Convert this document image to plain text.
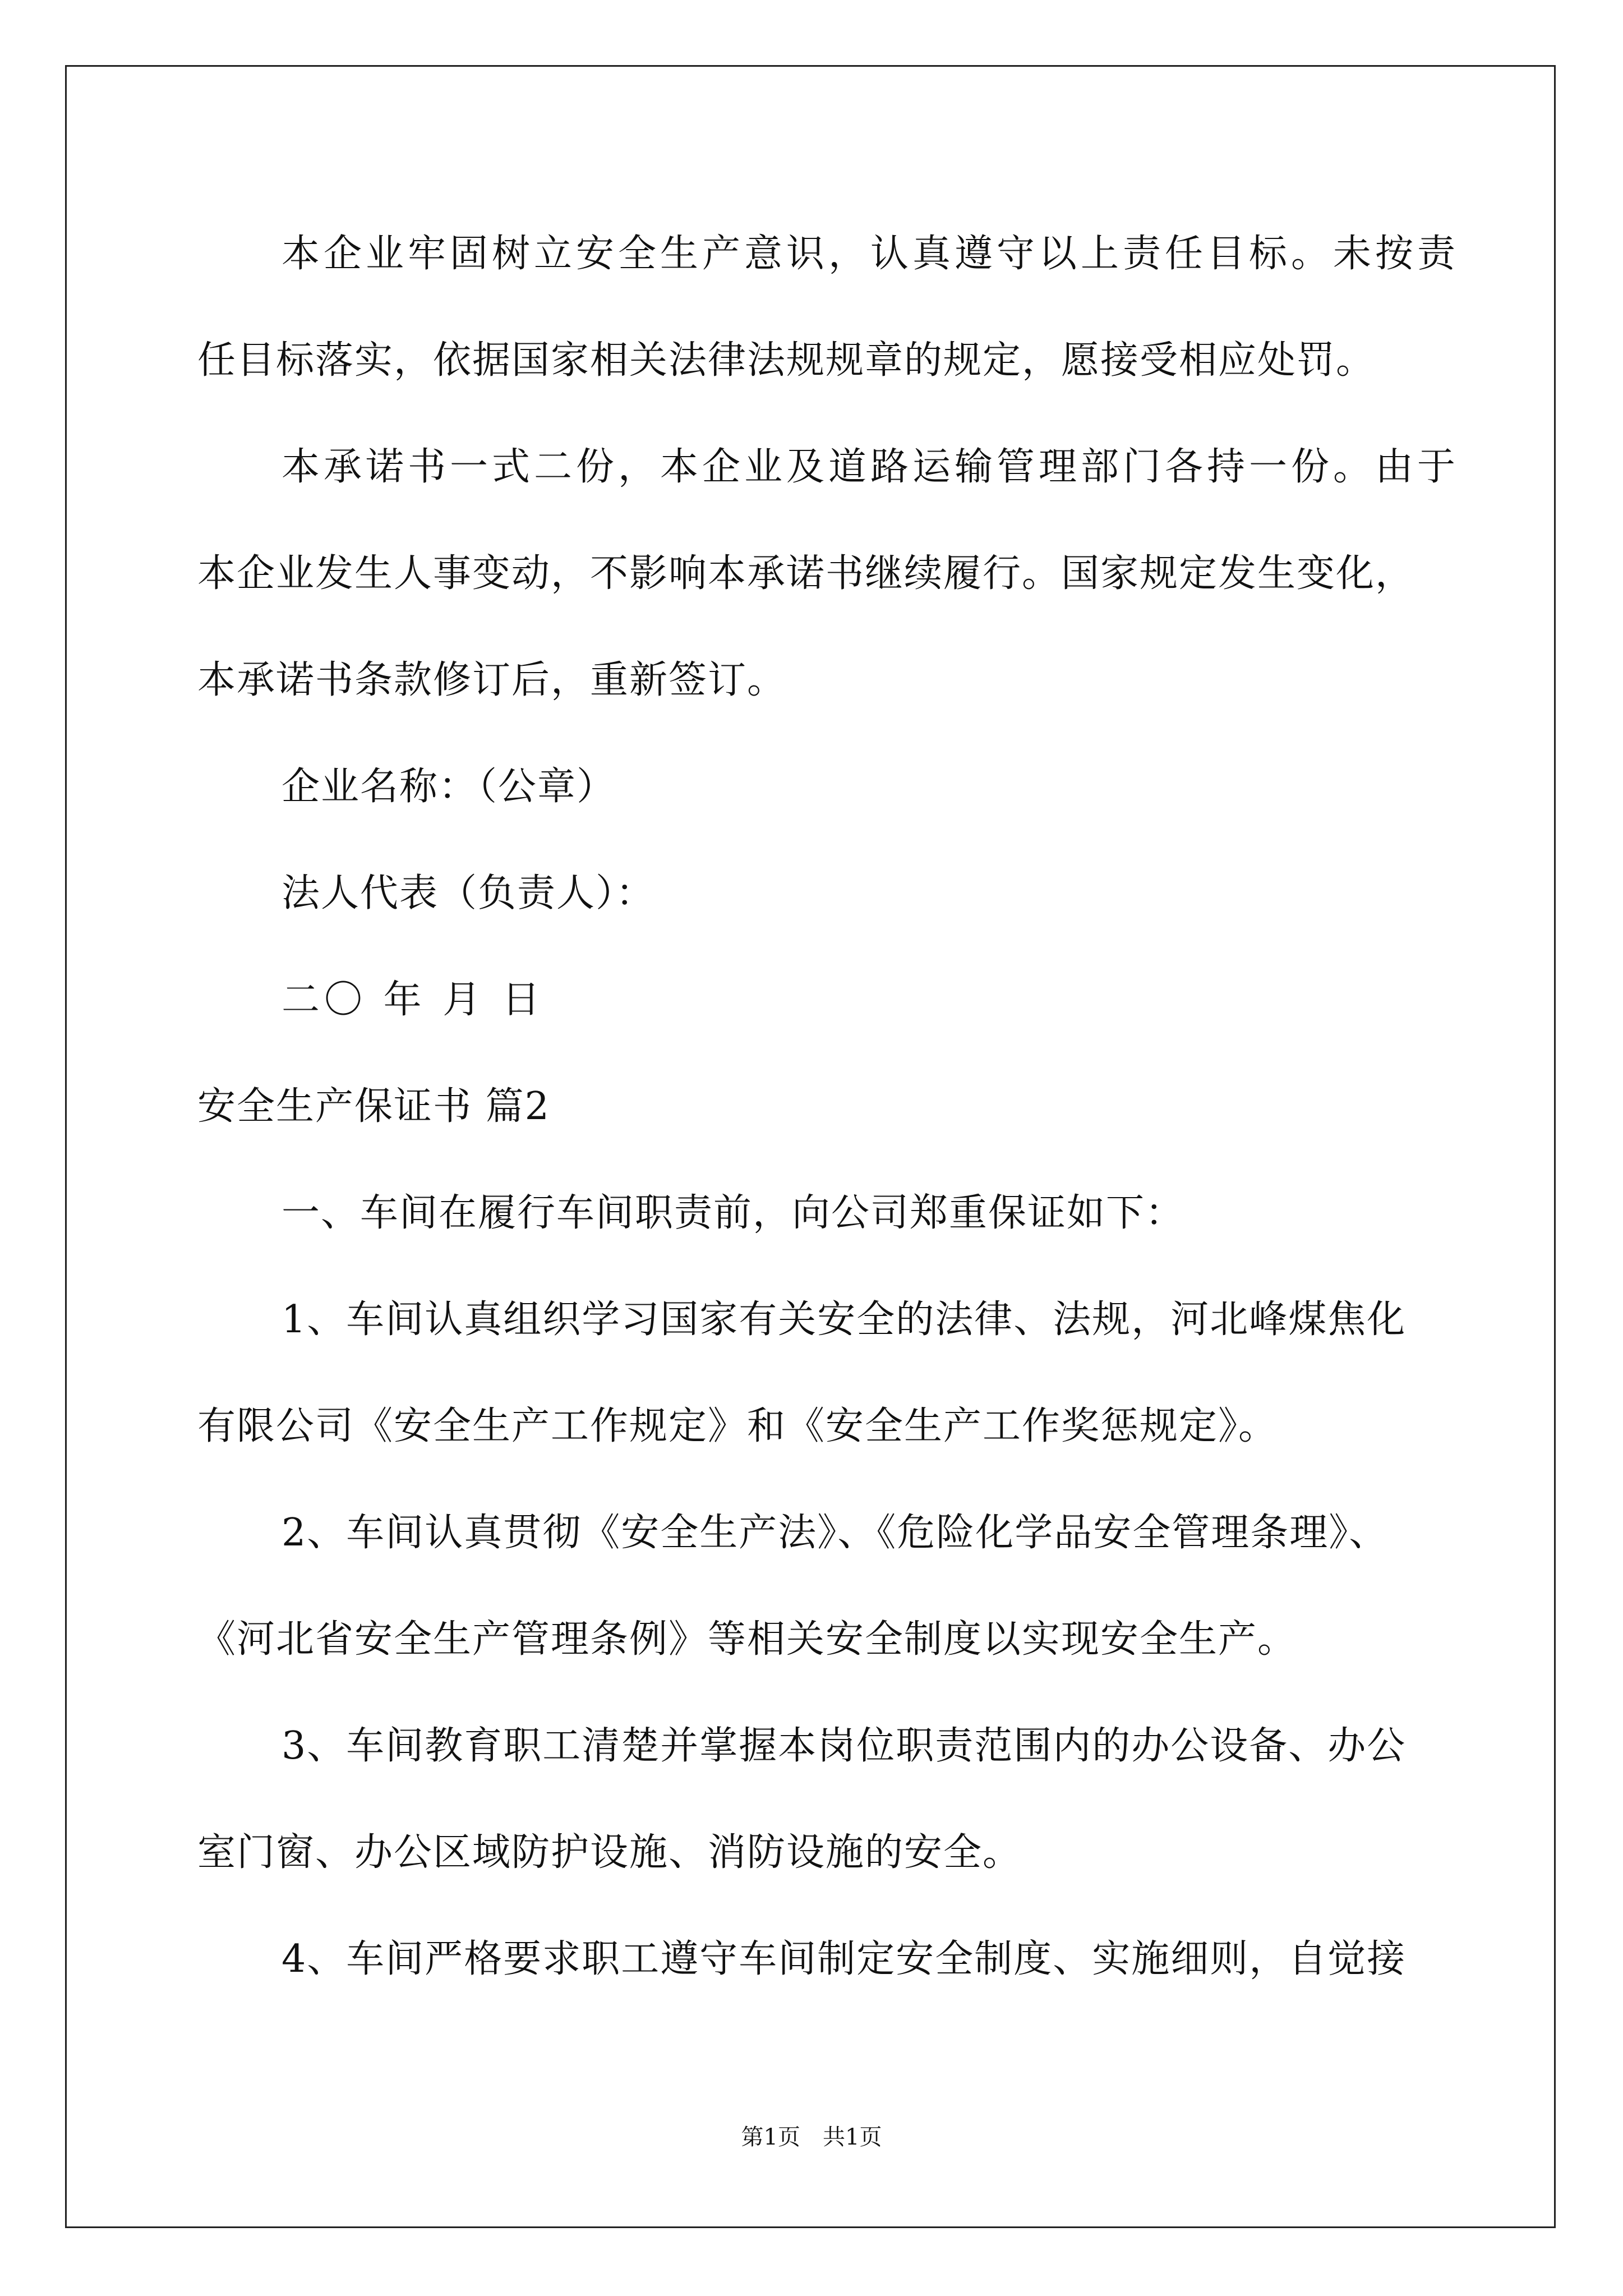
本企业牢固树立安全生产意识，认真遵守以上责任目标。未按责
任目标落实，依据国家相关法律法规规章的规定，愿接受相应处罚。
本承诺书一式二份，本企业及道路运输管理部门各持一份。由于
本企业发生人事变动，不影响本承诺书继续履行。国家规定发生变化，
本承诺书条款修订后，重新签订。
企业名称：（公章）
法人代表（负责人）：
二〇 年 月 日
安全生产保证书 篇2
一、车间在履行车间职责前，向公司郑重保证如下：
1、车间认真组织学习国家有关安全的法律、法规，河北峰煤焦化
有限公司《安全生产工作规定》和《安全生产工作奖惩规定》。
2、车间认真贯彻《安全生产法》、《危险化学品安全管理条理》、
《河北省安全生产管理条例》等相关安全制度以实现安全生产。
3、车间教育职工清楚并掌握本岗位职责范围内的办公设备、办公
室门窗、办公区域防护设施、消防设施的安全。
4、车间严格要求职工遵守车间制定安全制度、实施细则，自觉接
第1页　共1页
